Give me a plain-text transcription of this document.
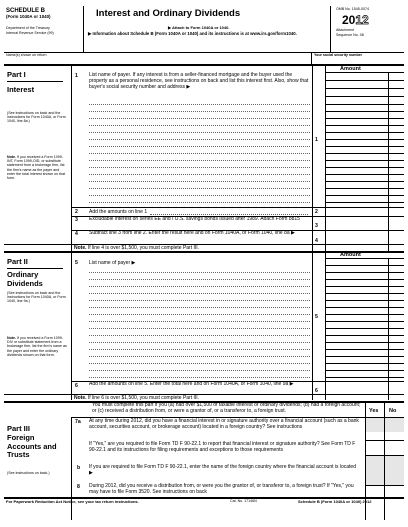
SCHEDULE B
(Form 1040A or 1040)
Department of the Treasury
Internal Revenue Service (99)
Interest and Ordinary Dividends
▶ Attach to Form 1040A or 1040.
▶ Information about Schedule B (Form 1040A or 1040) and its instructions is at www.irs.gov/form1040.
OMB No. 1545-0074
2012
Attachment
Sequence No. 08
Name(s) shown on return	Your social security number
Part I
Interest
(See instructions on back and the instructions for Form 1040A, or Form 1040, line 8a.)
Note. If you received a Form 1099-INT, Form 1099-OID, or substitute statement from a brokerage firm, list the firm's name as the payer and enter the total interest shown on that form.
Amount
1 List name of payer. If any interest is from a seller-financed mortgage and the buyer used the property as a personal residence, see instructions on back and list this interest first. Also, show that buyer's social security number and address ▶
1
2 Add the amounts on line 1	2
3 Excludable interest on series EE and I U.S. savings bonds issued after 1989. Attach Form 8815
3
4 Subtract line 3 from line 2. Enter the result here and on Form 1040A, or Form 1040, line 8a ▶
4
Note. If line 4 is over $1,500, you must complete Part III.
Part II
Ordinary Dividends
(See instructions on back and the instructions for Form 1040A, or Form 1040, line 9a.)
Note. If you received a Form 1099-DIV or substitute statement from a brokerage firm, list the firm's name as the payer and enter the ordinary dividends shown on that form.
Amount
5 List name of payer ▶
5
6 Add the amounts on line 5. Enter the total here and on Form 1040A, or Form 1040, line 9a ▶
6
Note. If line 6 is over $1,500, you must complete Part III.
You must complete this part if you (a) had over $1,500 of taxable interest or ordinary dividends; (b) had a foreign account; or (c) received a distribution from, or were a grantor of, or a transferor to, a foreign trust.	Yes No
Part III
Foreign Accounts and Trusts
(See instructions on back.)
7a At any time during 2012, did you have a financial interest in or signature authority over a financial account (such as a bank account, securities account, or brokerage account) located in a foreign country? See instructions
If "Yes," are you required to file Form TD F 90-22.1 to report that financial interest or signature authority? See Form TD F 90-22.1 and its instructions for filing requirements and exceptions to those requirements
b If you are required to file Form TD F 90-22.1, enter the name of the foreign country where the financial account is located ▶
8 During 2012, did you receive a distribution from, or were you the grantor of, or transferor to, a foreign trust? If "Yes," you may have to file Form 3520. See instructions on back
For Paperwork Reduction Act Notice, see your tax return instructions.	Cat. No. 17146N	Schedule B (Form 1040A or 1040) 2012
